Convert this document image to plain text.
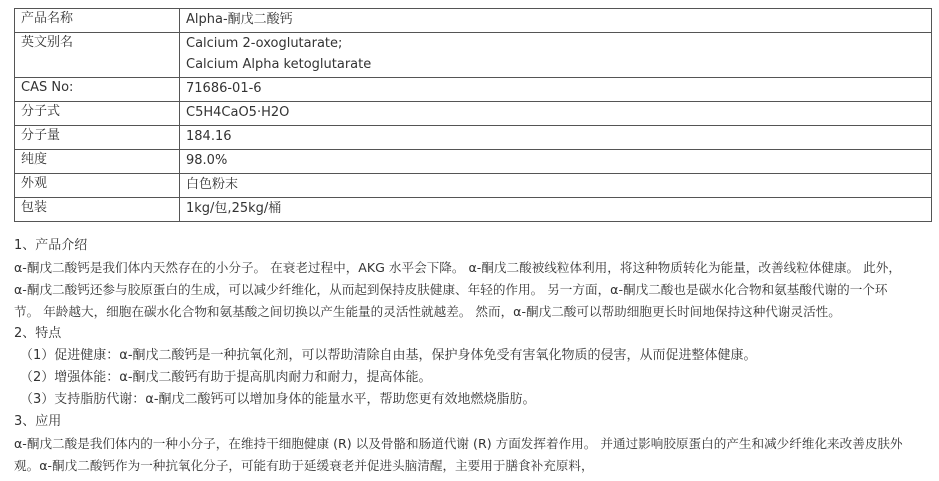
产品名称	Alpha-酮戊二酸钙

英文别名	Calcium 2-oxoglutarate;
Calcium Alpha ketoglutarate

CAS No:	71686-01-6

分子式	C5H4CaO5·H2O

分子量	184.16

纯度	98.0%

外观	白色粉末

包装	1kg/包,25kg/桶

1、产品介绍

α-酮戊二酸钙是我们体内天然存在的小分子。 在衰老过程中，AKG 水平会下降。 α-酮戊二酸被线粒体利用，将这种物质转化为能量，改善线粒体健康。 此外，

α-酮戊二酸钙还参与胶原蛋白的生成，可以减少纤维化，从而起到保持皮肤健康、年轻的作用。 另一方面，α-酮戊二酸也是碳水化合物和氨基酸代谢的一个环

节。 年龄越大，细胞在碳水化合物和氨基酸之间切换以产生能量的灵活性就越差。 然而，α-酮戊二酸可以帮助细胞更长时间地保持这种代谢灵活性。

2、特点

（1）促进健康：α-酮戊二酸钙是一种抗氧化剂，可以帮助清除自由基，保护身体免受有害氧化物质的侵害，从而促进整体健康。

（2）增强体能：α-酮戊二酸钙有助于提高肌肉耐力和耐力，提高体能。

（3）支持脂肪代谢：α-酮戊二酸钙可以增加身体的能量水平，帮助您更有效地燃烧脂肪。

3、应用

α-酮戊二酸是我们体内的一种小分子，在维持干细胞健康 (R) 以及骨骼和肠道代谢 (R) 方面发挥着作用。 并通过影响胶原蛋白的产生和减少纤维化来改善皮肤外

观。α-酮戊二酸钙作为一种抗氧化分子，可能有助于延缓衰老并促进头脑清醒，主要用于膳食补充原料，
